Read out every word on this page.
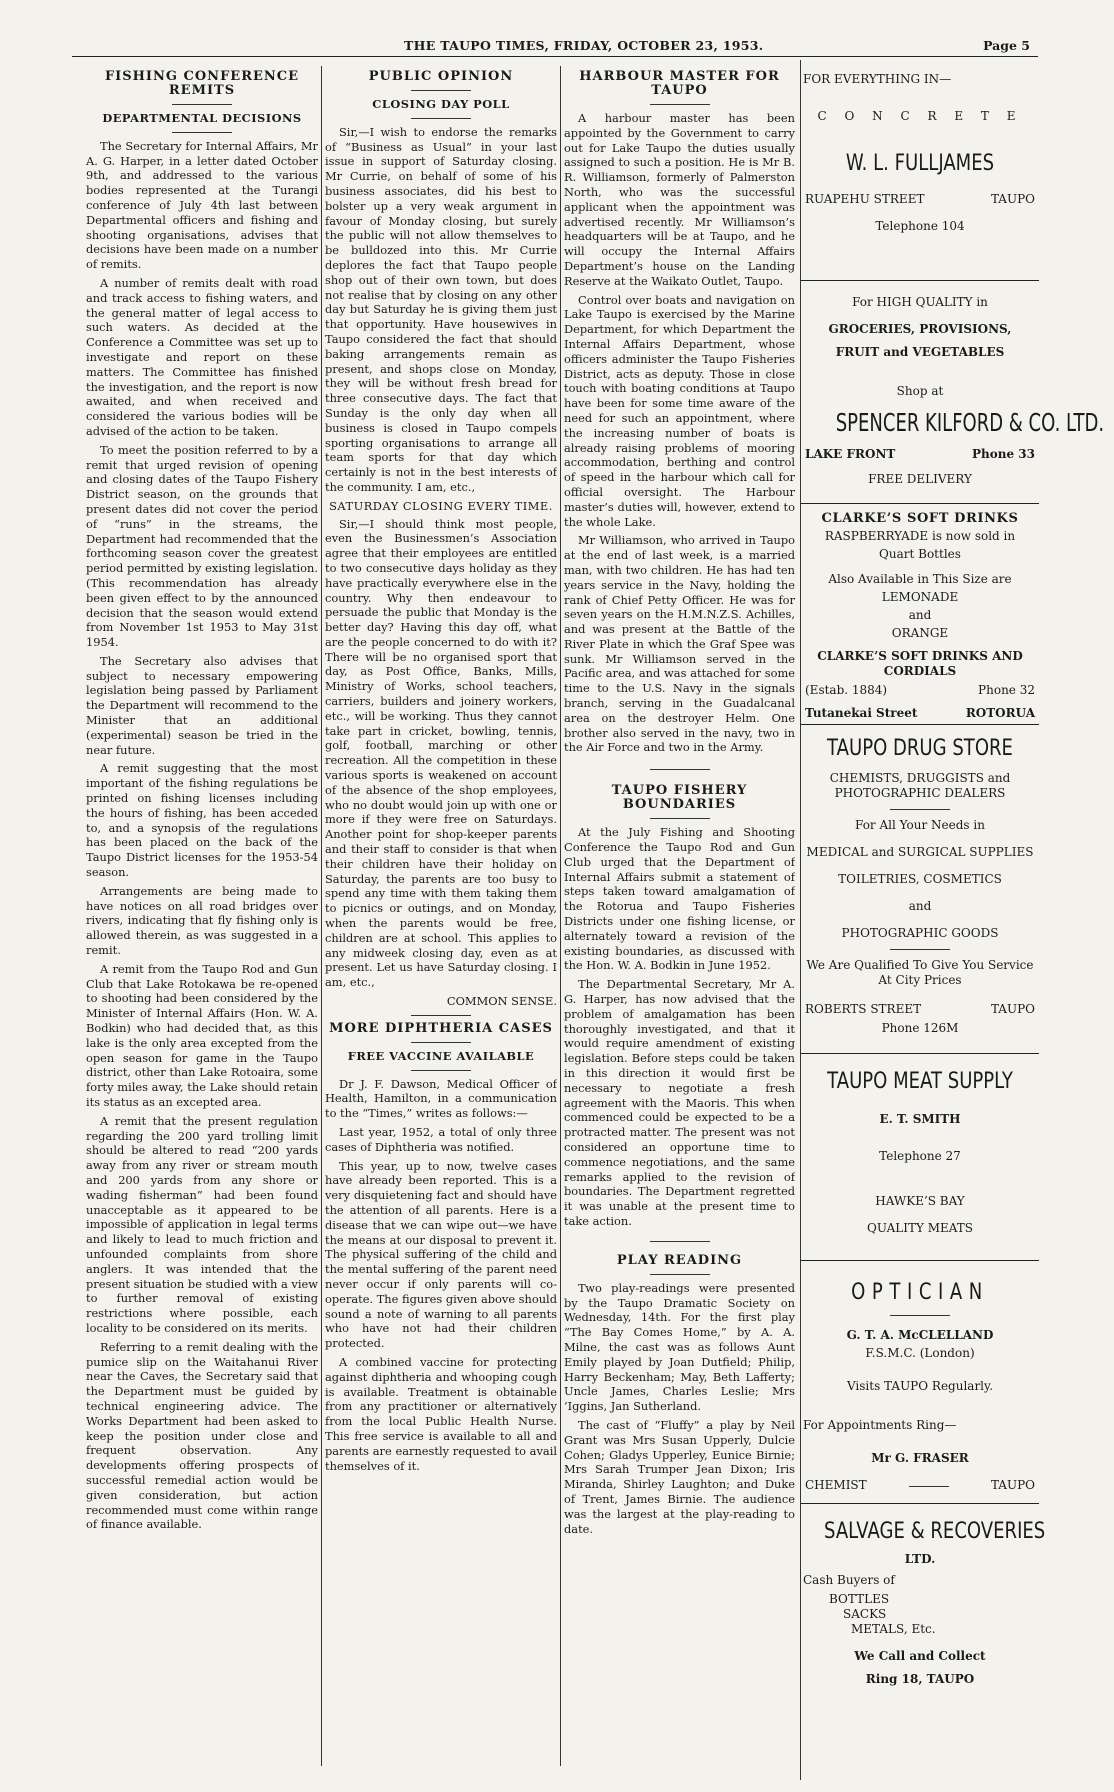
THE TAUPO TIMES, FRIDAY, OCTOBER 23, 1953.	Page 5
FISHING CONFERENCE REMITS
DEPARTMENTAL DECISIONS

The Secretary for Internal Affairs, Mr A. G. Harper, in a letter dated October 9th, and addressed to the various bodies represented at the Turangi conference of July 4th last between Departmental officers and fishing and shooting organisations, advises that decisions have been made on a number of remits.

A number of remits dealt with road and track access to fishing waters, and the general matter of legal access to such waters. As decided at the Conference a Committee was set up to investigate and report on these matters. The Committee has finished the investigation, and the report is now awaited, and when received and considered the various bodies will be advised of the action to be taken.

To meet the position referred to by a remit that urged revision of opening and closing dates of the Taupo Fishery District season, on the grounds that present dates did not cover the period of “runs” in the streams, the Department had recommended that the forthcoming season cover the greatest period permitted by existing legislation. (This recommendation has already been given effect to by the announced decision that the season would extend from November 1st 1953 to May 31st 1954.

The Secretary also advises that subject to necessary empowering legislation being passed by Parliament the Department will recommend to the Minister that an additional (experimental) season be tried in the near future.

A remit suggesting that the most important of the fishing regulations be printed on fishing licenses including the hours of fishing, has been acceded to, and a synopsis of the regulations has been placed on the back of the Taupo District licenses for the 1953-54 season.

Arrangements are being made to have notices on all road bridges over rivers, indicating that fly fishing only is allowed therein, as was suggested in a remit.

A remit from the Taupo Rod and Gun Club that Lake Rotokawa be re-opened to shooting had been considered by the Minister of Internal Affairs (Hon. W. A. Bodkin) who had decided that, as this lake is the only area excepted from the open season for game in the Taupo district, other than Lake Rotoaira, some forty miles away, the Lake should retain its status as an excepted area.

A remit that the present regulation regarding the 200 yard trolling limit should be altered to read “200 yards away from any river or stream mouth and 200 yards from any shore or wading fisherman” had been found unacceptable as it appeared to be impossible of application in legal terms and likely to lead to much friction and unfounded complaints from shore anglers. It was intended that the present situation be studied with a view to further removal of existing restrictions where possible, each locality to be considered on its merits.

Referring to a remit dealing with the pumice slip on the Waitahanui River near the Caves, the Secretary said that the Department must be guided by technical engineering advice. The Works Department had been asked to keep the position under close and frequent observation. Any developments offering prospects of successful remedial action would be given consideration, but action recommended must come within range of finance available.

PUBLIC OPINION
CLOSING DAY POLL

Sir,—I wish to endorse the remarks of “Business as Usual” in your last issue in support of Saturday closing. Mr Currie, on behalf of some of his business associates, did his best to bolster up a very weak argument in favour of Monday closing, but surely the public will not allow themselves to be bulldozed into this. Mr Currie deplores the fact that Taupo people shop out of their own town, but does not realise that by closing on any other day but Saturday he is giving them just that opportunity. Have housewives in Taupo considered the fact that should baking arrangements remain as present, and shops close on Monday, they will be without fresh bread for three consecutive days. The fact that Sunday is the only day when all business is closed in Taupo compels sporting organisations to arrange all team sports for that day which certainly is not in the best interests of the community. I am, etc.,

SATURDAY CLOSING EVERY TIME.

Sir,—I should think most people, even the Businessmen’s Association agree that their employees are entitled to two consecutive days holiday as they have practically everywhere else in the country. Why then endeavour to persuade the public that Monday is the better day? Having this day off, what are the people concerned to do with it? There will be no organised sport that day, as Post Office, Banks, Mills, Ministry of Works, school teachers, carriers, builders and joinery workers, etc., will be working. Thus they cannot take part in cricket, bowling, tennis, golf, football, marching or other recreation. All the competition in these various sports is weakened on account of the absence of the shop employees, who no doubt would join up with one or more if they were free on Saturdays. Another point for shop-keeper parents and their staff to consider is that when their children have their holiday on Saturday, the parents are too busy to spend any time with them taking them to picnics or outings, and on Monday, when the parents would be free, children are at school. This applies to any midweek closing day, even as at present. Let us have Saturday closing. I am, etc.,

COMMON SENSE.
MORE DIPHTHERIA CASES
FREE VACCINE AVAILABLE

Dr J. F. Dawson, Medical Officer of Health, Hamilton, in a communication to the “Times,” writes as follows:—

Last year, 1952, a total of only three cases of Diphtheria was notified.

This year, up to now, twelve cases have already been reported. This is a very disquietening fact and should have the attention of all parents. Here is a disease that we can wipe out—we have the means at our disposal to prevent it. The physical suffering of the child and the mental suffering of the parent need never occur if only parents will co-operate. The figures given above should sound a note of warning to all parents who have not had their children protected.

A combined vaccine for protecting against diphtheria and whooping cough is available. Treatment is obtainable from any practitioner or alternatively from the local Public Health Nurse. This free service is available to all and parents are earnestly requested to avail themselves of it.

HARBOUR MASTER FOR TAUPO

A harbour master has been appointed by the Government to carry out for Lake Taupo the duties usually assigned to such a position. He is Mr B. R. Williamson, formerly of Palmerston North, who was the successful applicant when the appointment was advertised recently. Mr Williamson’s headquarters will be at Taupo, and he will occupy the Internal Affairs Department’s house on the Landing Reserve at the Waikato Outlet, Taupo.

Control over boats and navigation on Lake Taupo is exercised by the Marine Department, for which Department the Internal Affairs Department, whose officers administer the Taupo Fisheries District, acts as deputy. Those in close touch with boating conditions at Taupo have been for some time aware of the need for such an appointment, where the increasing number of boats is already raising problems of mooring accommodation, berthing and control of speed in the harbour which call for official oversight. The Harbour master’s duties will, however, extend to the whole Lake.

Mr Williamson, who arrived in Taupo at the end of last week, is a married man, with two children. He has had ten years service in the Navy, holding the rank of Chief Petty Officer. He was for seven years on the H.M.N.Z.S. Achilles, and was present at the Battle of the River Plate in which the Graf Spee was sunk. Mr Williamson served in the Pacific area, and was attached for some time to the U.S. Navy in the signals branch, serving in the Guadalcanal area on the destroyer Helm. One brother also served in the navy, two in the Air Force and two in the Army.

TAUPO FISHERY BOUNDARIES

At the July Fishing and Shooting Conference the Taupo Rod and Gun Club urged that the Department of Internal Affairs submit a statement of steps taken toward amalgamation of the Rotorua and Taupo Fisheries Districts under one fishing license, or alternately toward a revision of the existing boundaries, as discussed with the Hon. W. A. Bodkin in June 1952.

The Departmental Secretary, Mr A. G. Harper, has now advised that the problem of amalgamation has been thoroughly investigated, and that it would require amendment of existing legislation. Before steps could be taken in this direction it would first be necessary to negotiate a fresh agreement with the Maoris. This when commenced could be expected to be a protracted matter. The present was not considered an opportune time to commence negotiations, and the same remarks applied to the revision of boundaries. The Department regretted it was unable at the present time to take action.

PLAY READING

Two play-readings were presented by the Taupo Dramatic Society on Wednesday, 14th. For the first play “The Bay Comes Home,” by A. A. Milne, the cast was as follows Aunt Emily played by Joan Dutfield; Philip, Harry Beckenham; May, Beth Lafferty; Uncle James, Charles Leslie; Mrs ’Iggins, Jan Sutherland.

The cast of “Fluffy” a play by Neil Grant was Mrs Susan Upperly, Dulcie Cohen; Gladys Upperley, Eunice Birnie; Mrs Sarah Trumper Jean Dixon; Iris Miranda, Shirley Laughton; and Duke of Trent, James Birnie. The audience was the largest at the play-reading to date.

FOR EVERYTHING IN—
C O N C R E T E
W. L. FULLJAMES
RUAPEHU STREET	TAUPO
Telephone 104
For HIGH QUALITY in
GROCERIES, PROVISIONS,
FRUIT and VEGETABLES
Shop at
SPENCER KILFORD & CO. LTD.
LAKE FRONT	Phone 33
FREE DELIVERY
CLARKE’S SOFT DRINKS
RASPBERRYADE is now sold in
Quart Bottles
Also Available in This Size are
LEMONADE
and
ORANGE
CLARKE’S SOFT DRINKS AND CORDIALS
(Estab. 1884)	Phone 32
Tutanekai Street	ROTORUA
TAUPO DRUG STORE
CHEMISTS, DRUGGISTS and PHOTOGRAPHIC DEALERS
For All Your Needs in
MEDICAL and SURGICAL SUPPLIES
TOILETRIES, COSMETICS
and
PHOTOGRAPHIC GOODS
We Are Qualified To Give You Service At City Prices
ROBERTS STREET	TAUPO
Phone 126M
TAUPO MEAT SUPPLY
E. T. SMITH
Telephone 27
HAWKE’S BAY
QUALITY MEATS
OPTICIAN
G. T. A. McCLELLAND
F.S.M.C. (London)
Visits TAUPO Regularly.
For Appointments Ring—
Mr G. FRASER
CHEMIST	TAUPO
SALVAGE & RECOVERIES
LTD.
Cash Buyers of
BOTTLES
SACKS
METALS, Etc.
We Call and Collect
Ring 18, TAUPO
